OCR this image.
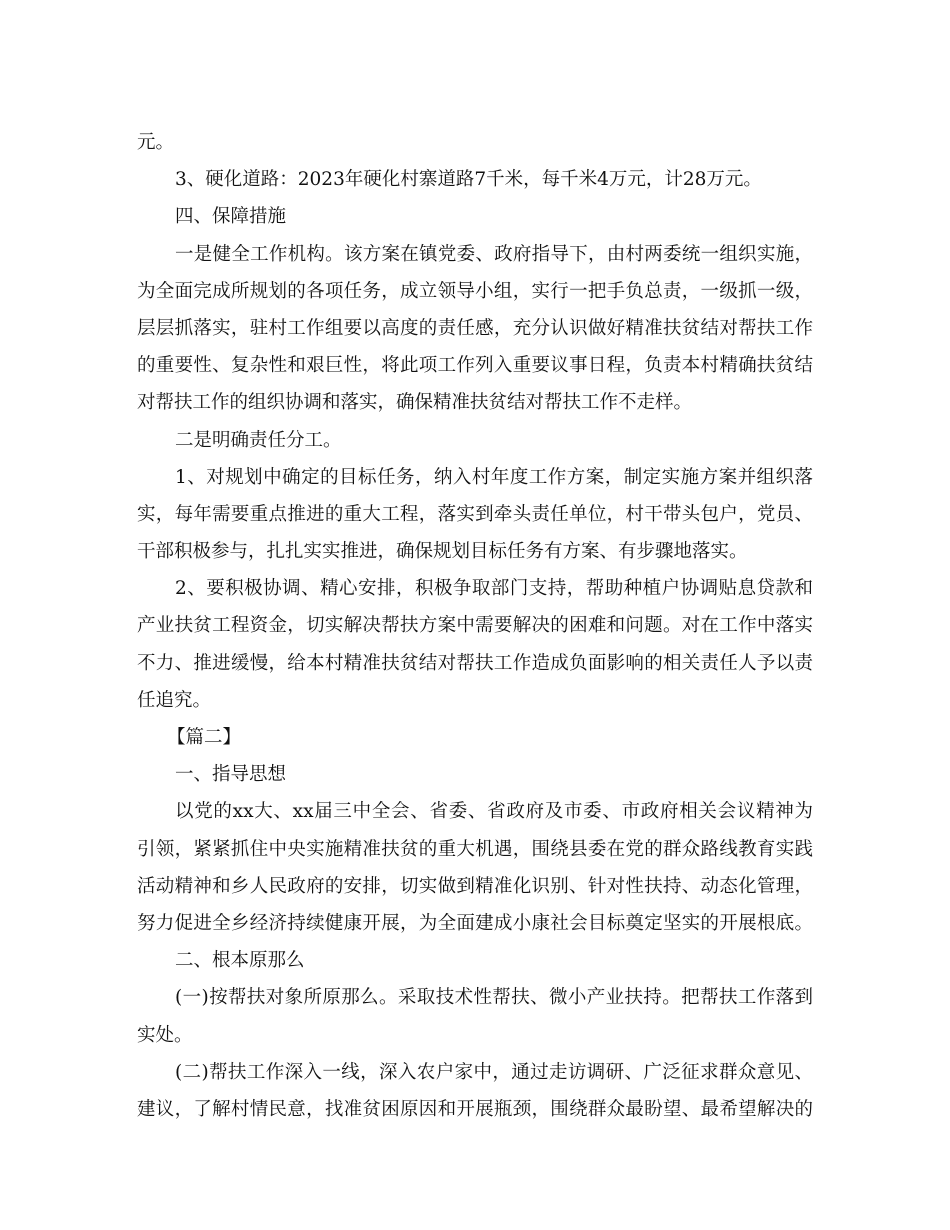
元。
3、硬化道路：2023年硬化村寨道路7千米，每千米4万元，计28万元。
四、保障措施
一是健全工作机构。该方案在镇党委、政府指导下，由村两委统一组织实施，
为全面完成所规划的各项任务，成立领导小组，实行一把手负总责，一级抓一级，
层层抓落实，驻村工作组要以高度的责任感，充分认识做好精准扶贫结对帮扶工作
的重要性、复杂性和艰巨性，将此项工作列入重要议事日程，负责本村精确扶贫结
对帮扶工作的组织协调和落实，确保精准扶贫结对帮扶工作不走样。
二是明确责任分工。
1、对规划中确定的目标任务，纳入村年度工作方案，制定实施方案并组织落
实，每年需要重点推进的重大工程，落实到牵头责任单位，村干带头包户，党员、
干部积极参与，扎扎实实推进，确保规划目标任务有方案、有步骤地落实。
2、要积极协调、精心安排，积极争取部门支持，帮助种植户协调贴息贷款和
产业扶贫工程资金，切实解决帮扶方案中需要解决的困难和问题。对在工作中落实
不力、推进缓慢，给本村精准扶贫结对帮扶工作造成负面影响的相关责任人予以责
任追究。
【篇二】
一、指导思想
以党的xx大、xx届三中全会、省委、省政府及市委、市政府相关会议精神为
引领，紧紧抓住中央实施精准扶贫的重大机遇，围绕县委在党的群众路线教育实践
活动精神和乡人民政府的安排，切实做到精准化识别、针对性扶持、动态化管理，
努力促进全乡经济持续健康开展，为全面建成小康社会目标奠定坚实的开展根底。
二、根本原那么
(一)按帮扶对象所原那么。采取技术性帮扶、微小产业扶持。把帮扶工作落到
实处。
(二)帮扶工作深入一线，深入农户家中，通过走访调研、广泛征求群众意见、
建议，了解村情民意，找准贫困原因和开展瓶颈，围绕群众最盼望、最希望解决的
